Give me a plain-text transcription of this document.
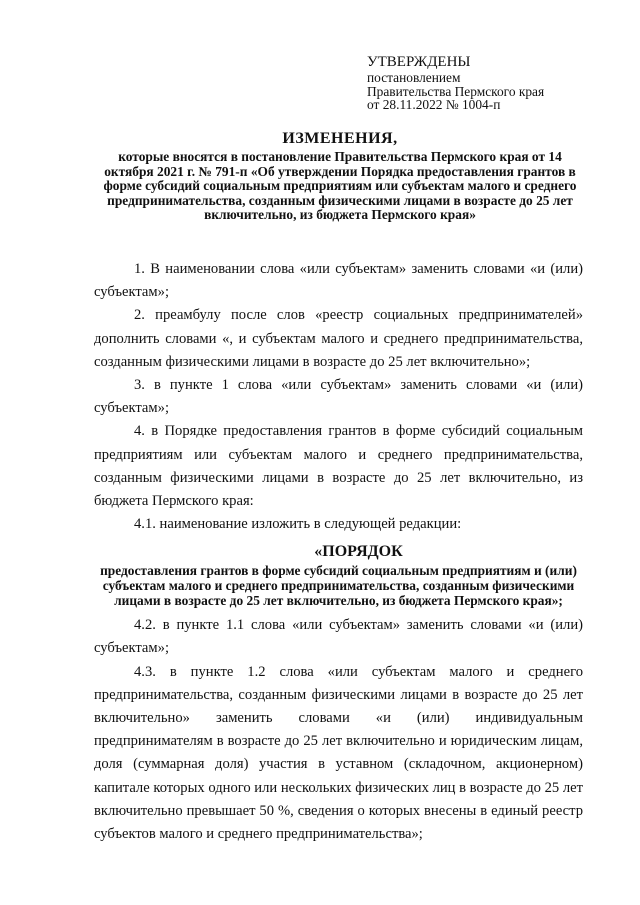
УТВЕРЖДЕНЫ
постановлением
Правительства Пермского края
от 28.11.2022 № 1004-п
ИЗМЕНЕНИЯ,
которые вносятся в постановление Правительства Пермского края от 14 октября 2021 г. № 791-п «Об утверждении Порядка предоставления грантов в форме субсидий социальным предприятиям или субъектам малого и среднего предпринимательства, созданным физическими лицами в возрасте до 25 лет включительно, из бюджета Пермского края»

1. В наименовании слова «или субъектам» заменить словами «и (или) субъектам»;

2. преамбулу после слов «реестр социальных предпринимателей» дополнить словами «, и субъектам малого и среднего предпринимательства, созданным физическими лицами в возрасте до 25 лет включительно»;

3. в пункте 1 слова «или субъектам» заменить словами «и (или) субъектам»;

4. в Порядке предоставления грантов в форме субсидий социальным предприятиям или субъектам малого и среднего предпринимательства, созданным физическими лицами в возрасте до 25 лет включительно, из бюджета Пермского края:

4.1. наименование изложить в следующей редакции:

«ПОРЯДОК
предоставления грантов в форме субсидий социальным предприятиям и (или) субъектам малого и среднего предпринимательства, созданным физическими лицами в возрасте до 25 лет включительно, из бюджета Пермского края»;

4.2. в пункте 1.1 слова «или субъектам» заменить словами «и (или) субъектам»;

4.3. в пункте 1.2 слова «или субъектам малого и среднего предпринимательства, созданным физическими лицами в возрасте до 25 лет включительно» заменить словами «и (или) индивидуальным предпринимателям в возрасте до 25 лет включительно и юридическим лицам, доля (суммарная доля) участия в уставном (складочном, акционерном) капитале которых одного или нескольких физических лиц в возрасте до 25 лет включительно превышает 50 %, сведения о которых внесены в единый реестр субъектов малого и среднего предпринимательства»;
